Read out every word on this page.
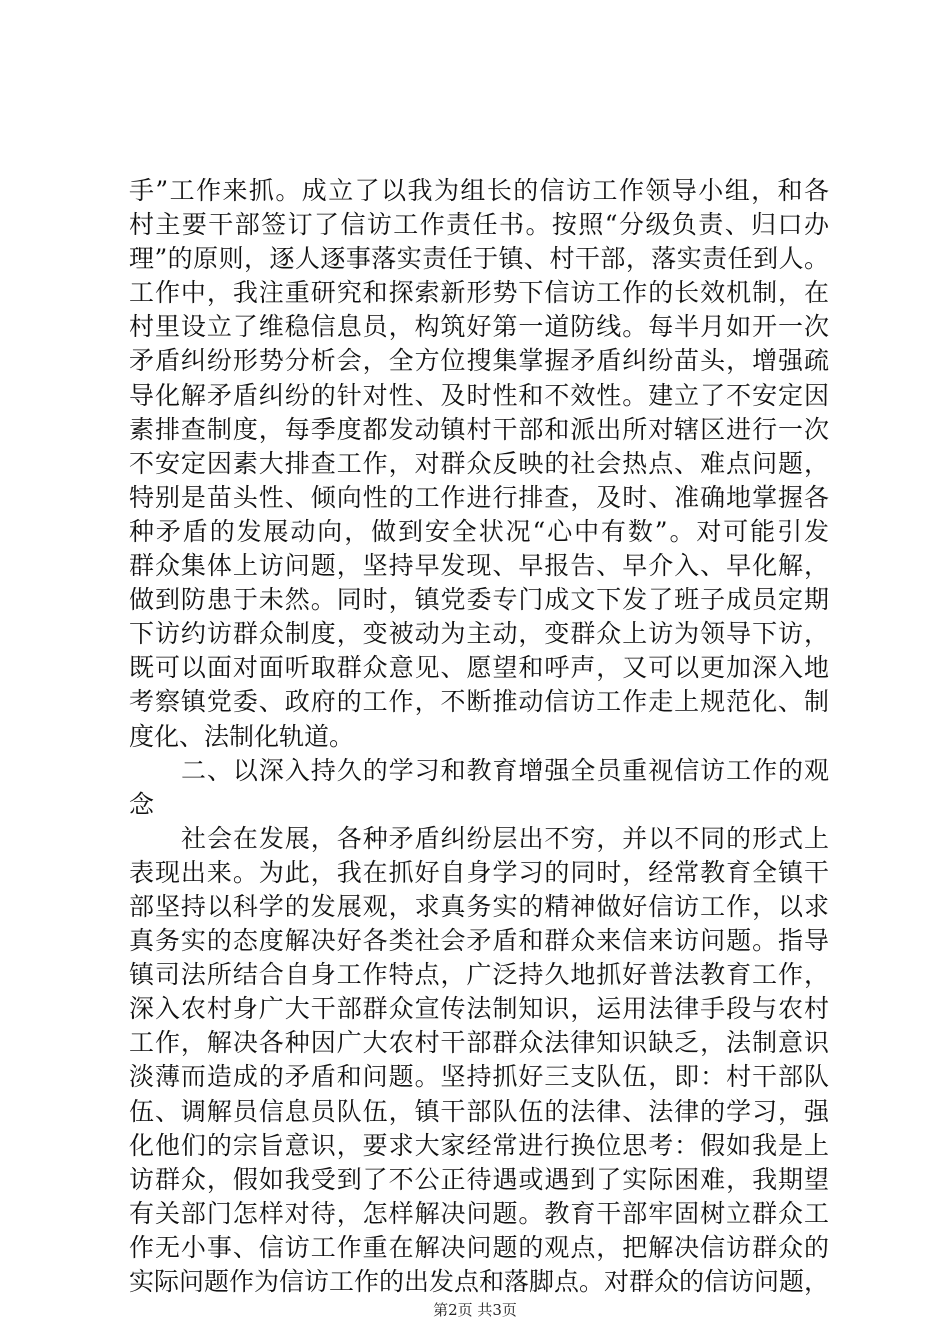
手”工作来抓。成立了以我为组长的信访工作领导小组，和各
村主要干部签订了信访工作责任书。按照“分级负责、归口办
理”的原则，逐人逐事落实责任于镇、村干部，落实责任到人。
工作中，我注重研究和探索新形势下信访工作的长效机制，在
村里设立了维稳信息员，构筑好第一道防线。每半月如开一次
矛盾纠纷形势分析会，全方位搜集掌握矛盾纠纷苗头，增强疏
导化解矛盾纠纷的针对性、及时性和不效性。建立了不安定因
素排查制度，每季度都发动镇村干部和派出所对辖区进行一次
不安定因素大排查工作，对群众反映的社会热点、难点问题，
特别是苗头性、倾向性的工作进行排查，及时、准确地掌握各
种矛盾的发展动向，做到安全状况“心中有数”。对可能引发
群众集体上访问题，坚持早发现、早报告、早介入、早化解，
做到防患于未然。同时，镇党委专门成文下发了班子成员定期
下访约访群众制度，变被动为主动，变群众上访为领导下访，
既可以面对面听取群众意见、愿望和呼声，又可以更加深入地
考察镇党委、政府的工作，不断推动信访工作走上规范化、制
度化、法制化轨道。
二、以深入持久的学习和教育增强全员重视信访工作的观
念
社会在发展，各种矛盾纠纷层出不穷，并以不同的形式上
表现出来。为此，我在抓好自身学习的同时，经常教育全镇干
部坚持以科学的发展观，求真务实的精神做好信访工作，以求
真务实的态度解决好各类社会矛盾和群众来信来访问题。指导
镇司法所结合自身工作特点，广泛持久地抓好普法教育工作，
深入农村身广大干部群众宣传法制知识，运用法律手段与农村
工作，解决各种因广大农村干部群众法律知识缺乏，法制意识
淡薄而造成的矛盾和问题。坚持抓好三支队伍，即：村干部队
伍、调解员信息员队伍，镇干部队伍的法律、法律的学习，强
化他们的宗旨意识，要求大家经常进行换位思考：假如我是上
访群众，假如我受到了不公正待遇或遇到了实际困难，我期望
有关部门怎样对待，怎样解决问题。教育干部牢固树立群众工
作无小事、信访工作重在解决问题的观点，把解决信访群众的
实际问题作为信访工作的出发点和落脚点。对群众的信访问题，
第2页 共3页
